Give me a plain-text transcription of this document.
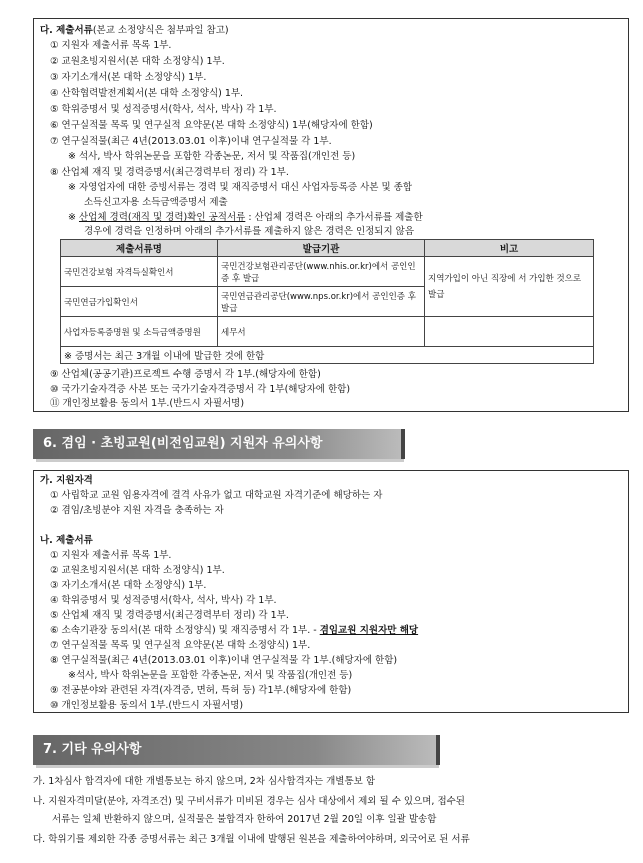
다. 제출서류(본교 소정양식은 첨부파일 참고)
① 지원자 제출서류 목록 1부.
② 교원초빙지원서(본 대학 소정양식) 1부.
③ 자기소개서(본 대학 소정양식) 1부.
④ 산학협력발전계획서(본 대학 소정양식) 1부.
⑤ 학위증명서 및 성적증명서(학사, 석사, 박사) 각 1부.
⑥ 연구실적물 목록 및 연구실적 요약문(본 대학 소정양식) 1부(해당자에 한함)
⑦ 연구실적물(최근 4년(2013.03.01 이후)이내 연구실적물 각 1부.
※ 석사, 박사 학위논문을 포함한 각종논문, 저서 및 작품집(개인전 등)
⑧ 산업체 재직 및 경력증명서(최근경력부터 정리) 각 1부.
※ 자영업자에 대한 증빙서류는 경력 및 재직증명서 대신 사업자등록증 사본 및 종합
소득신고자용 소득금액증명서 제출
※ 산업체 경력(재직 및 경력)확인 공적서류 : 산업체 경력은 아래의 추가서류를 제출한
경우에 경력을 인정하며 아래의 추가서류를 제출하지 않은 경력은 인정되지 않음
제출서류명	발급기관	비고
국민건강보험 자격득실확인서	국민건강보험관리공단(www.nhis.or.kr)에서 공인인증 후 발급	지역가입이 아닌 직장에 서 가입한 것으로 발급
국민연금가입확인서	국민연금관리공단(www.nps.or.kr)에서 공인인증 후 발급	
사업자등록증명원 및 소득금액증명원	세무서	
※ 증명서는 최근 3개월 이내에 발급한 것에 한함		
⑨ 산업체(공공기관)프로젝트 수행 증명서 각 1부.(해당자에 한함)
⑩ 국가기술자격증 사본 또는 국가기술자격증명서 각 1부(해당자에 한함)
⑪ 개인정보활용 동의서 1부.(반드시 자필서명)
6. 겸임 · 초빙교원(비전임교원) 지원자 유의사항
가. 지원자격
① 사립학교 교원 임용자격에 결격 사유가 없고 대학교원 자격기준에 해당하는 자
② 겸임/초빙분야 지원 자격을 충족하는 자
나. 제출서류
① 지원자 제출서류 목록 1부.
② 교원초빙지원서(본 대학 소정양식) 1부.
③ 자기소개서(본 대학 소정양식) 1부.
④ 학위증명서 및 성적증명서(학사, 석사, 박사) 각 1부.
⑤ 산업체 재직 및 경력증명서(최근경력부터 정리) 각 1부.
⑥ 소속기관장 동의서(본 대학 소정양식) 및 재직증명서 각 1부. - 겸임교원 지원자만 해당
⑦ 연구실적물 목록 및 연구실적 요약문(본 대학 소정양식) 1부.
⑧ 연구실적물(최근 4년(2013.03.01 이후)이내 연구실적물 각 1부.(해당자에 한함)
※석사, 박사 학위논문을 포함한 각종논문, 저서 및 작품집(개인전 등)
⑨ 전공분야와 관련된 자격(자격증, 면허, 특허 등) 각1부.(해당자에 한함)
⑩ 개인정보활용 동의서 1부.(반드시 자필서명)
7. 기타 유의사항
가. 1차심사 합격자에 대한 개별통보는 하지 않으며, 2차 심사합격자는 개별통보 함
나. 지원자격미달(분야, 자격조건) 및 구비서류가 미비된 경우는 심사 대상에서 제외 될 수 있으며, 접수된
서류는 일체 반환하지 않으며, 실적물은 불합격자 한하여 2017년 2월 20일 이후 일괄 발송함
다. 학위기를 제외한 각종 증명서류는 최근 3개월 이내에 발행된 원본을 제출하여야하며, 외국어로 된 서류
